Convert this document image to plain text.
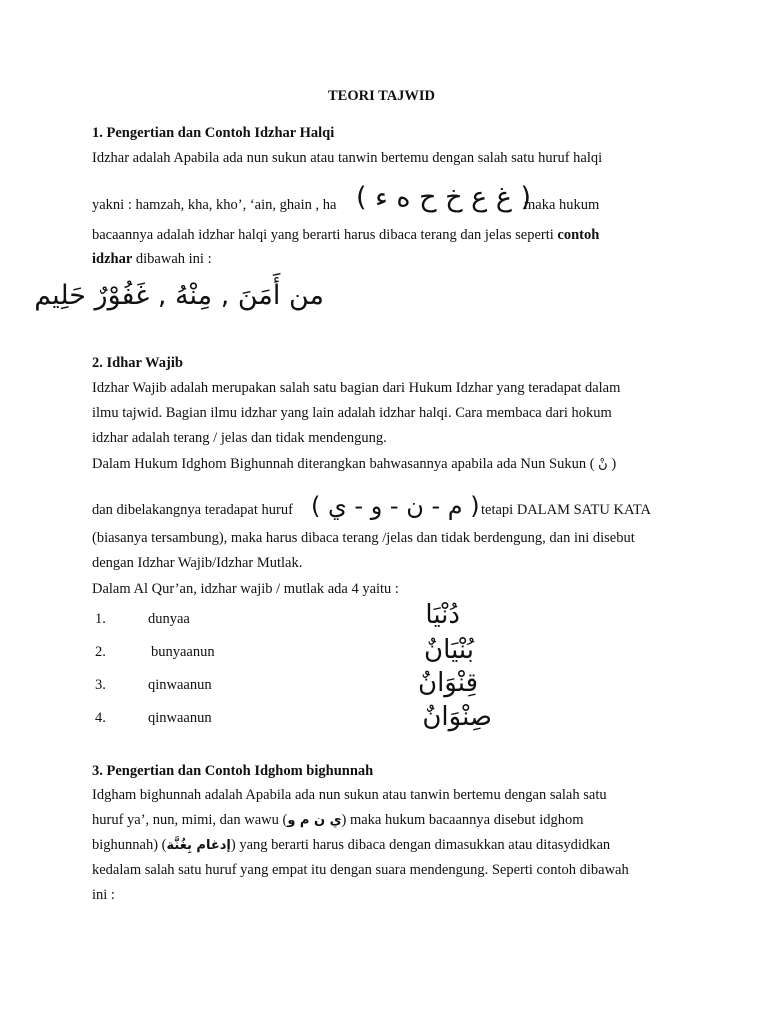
TEORI TAJWID
1. Pengertian dan Contoh Idzhar Halqi
Idzhar adalah Apabila ada nun sukun atau tanwin bertemu dengan salah satu huruf halqi
yakni : hamzah, kha, kho’, ‘ain, ghain , ha ( غ ع خ ح ه ء )
maka hukum
bacaannya adalah idzhar halqi yang berarti harus dibaca terang dan jelas seperti contoh
idzhar dibawah ini :
من أَمَنَ , مِنْهُ , غَفُوْرٌ حَلِيم
2. Idhar Wajib
Idzhar Wajib adalah merupakan salah satu bagian dari Hukum Idzhar yang teradapat dalam
ilmu tajwid. Bagian ilmu idzhar yang lain adalah idzhar halqi. Cara membaca dari hokum
idzhar adalah terang / jelas dan tidak mendengung.
Dalam Hukum Idghom Bighunnah diterangkan bahwasannya apabila ada Nun Sukun ( نْ )
dan dibelakangnya teradapat huruf ( م - ن - و - ي ) tetapi DALAM SATU KATA
(biasanya tersambung), maka harus dibaca terang /jelas dan tidak berdengung, dan ini disebut
dengan Idzhar Wajib/Idzhar Mutlak.
Dalam Al Qur’an, idzhar wajib / mutlak ada 4 yaitu :
1.	dunyaa	دُنْيَا
2.	bunyaanun	بُنْيَانٌ
3.	qinwaanun	قِنْوَانٌ
4.	qinwaanun	صِنْوَانٌ
3. Pengertian dan Contoh Idghom bighunnah
Idgham bighunnah adalah Apabila ada nun sukun atau tanwin bertemu dengan salah satu
huruf ya’, nun, mimi, dan wawu (ي ن م و) maka hukum bacaannya disebut idghom
bighunnah) (إدغام بِغُنَّة) yang berarti harus dibaca dengan dimasukkan atau ditasydidkan
kedalam salah satu huruf yang empat itu dengan suara mendengung. Seperti contoh dibawah
ini :
